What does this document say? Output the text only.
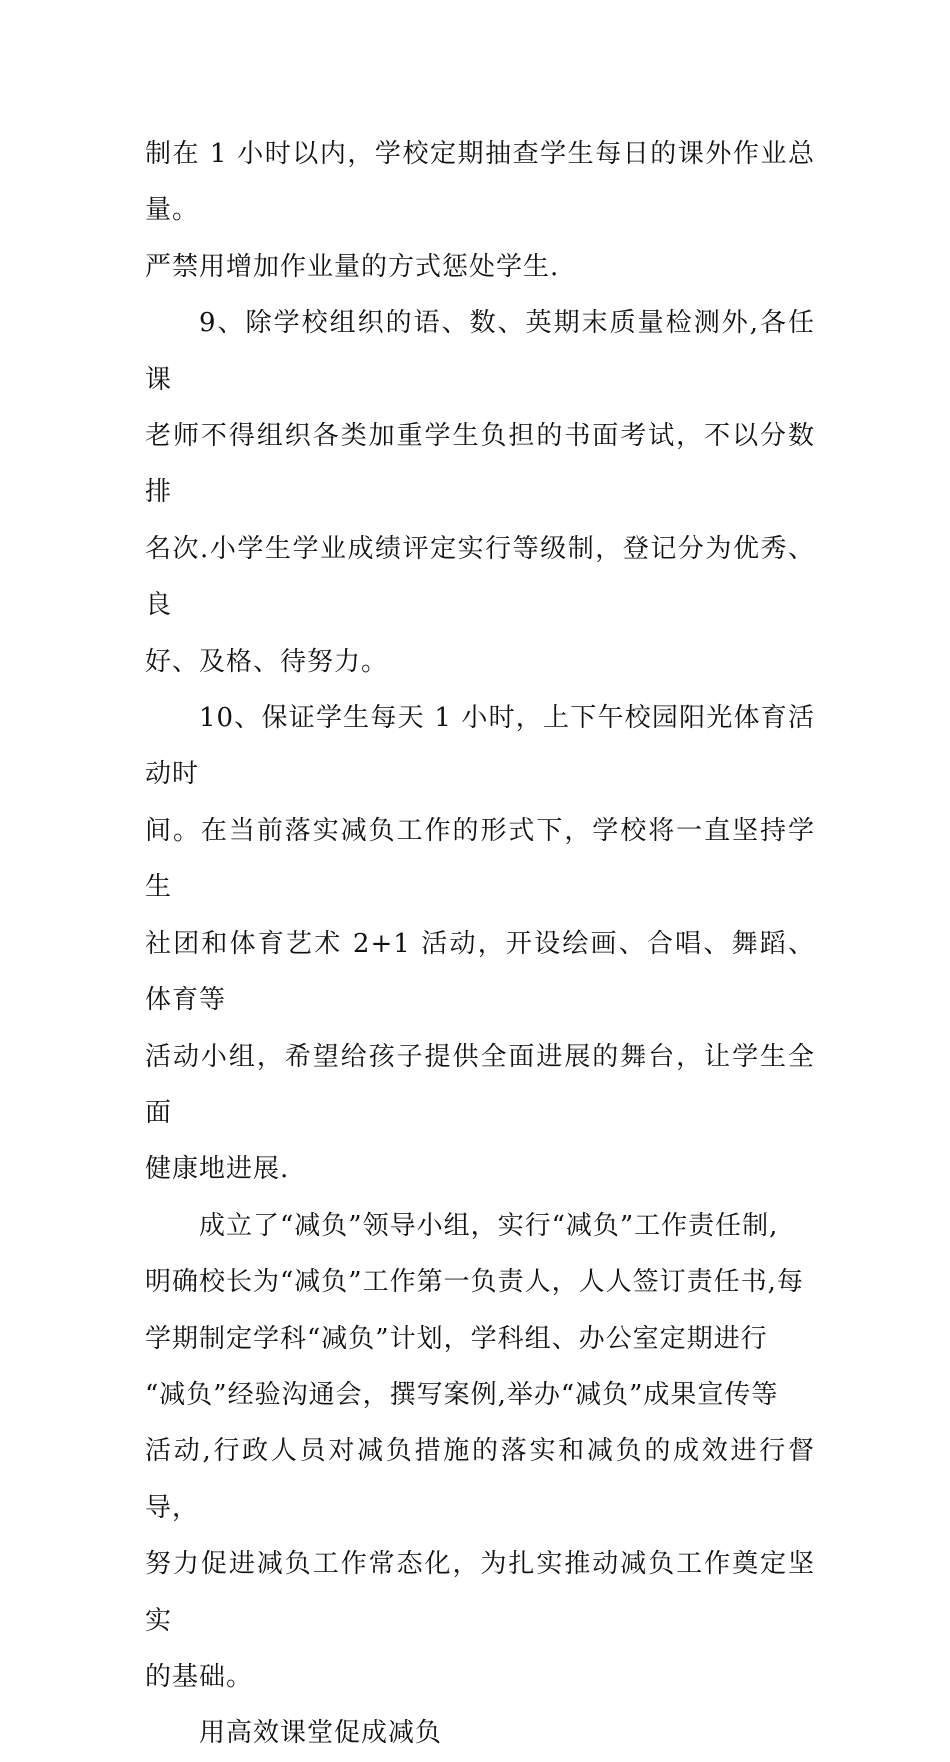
制在 1 小时以内，学校定期抽查学生每日的课外作业总量。
严禁用增加作业量的方式惩处学生.

9、除学校组织的语、数、英期末质量检测外,各任课
老师不得组织各类加重学生负担的书面考试，不以分数排
名次.小学生学业成绩评定实行等级制，登记分为优秀、良
好、及格、待努力。

10、保证学生每天 1 小时，上下午校园阳光体育活动时
间。在当前落实减负工作的形式下，学校将一直坚持学生
社团和体育艺术 2+1 活动，开设绘画、合唱、舞蹈、体育等
活动小组，希望给孩子提供全面进展的舞台，让学生全面
健康地进展.

成立了“减负”领导小组，实行“减负”工作责任制,
明确校长为“减负”工作第一负责人，人人签订责任书,每
学期制定学科“减负”计划，学科组、办公室定期进行
“减负”经验沟通会，撰写案例,举办“减负”成果宣传等
活动,行政人员对减负措施的落实和减负的成效进行督导，
努力促进减负工作常态化，为扎实推动减负工作奠定坚实
的基础。

用高效课堂促成减负
